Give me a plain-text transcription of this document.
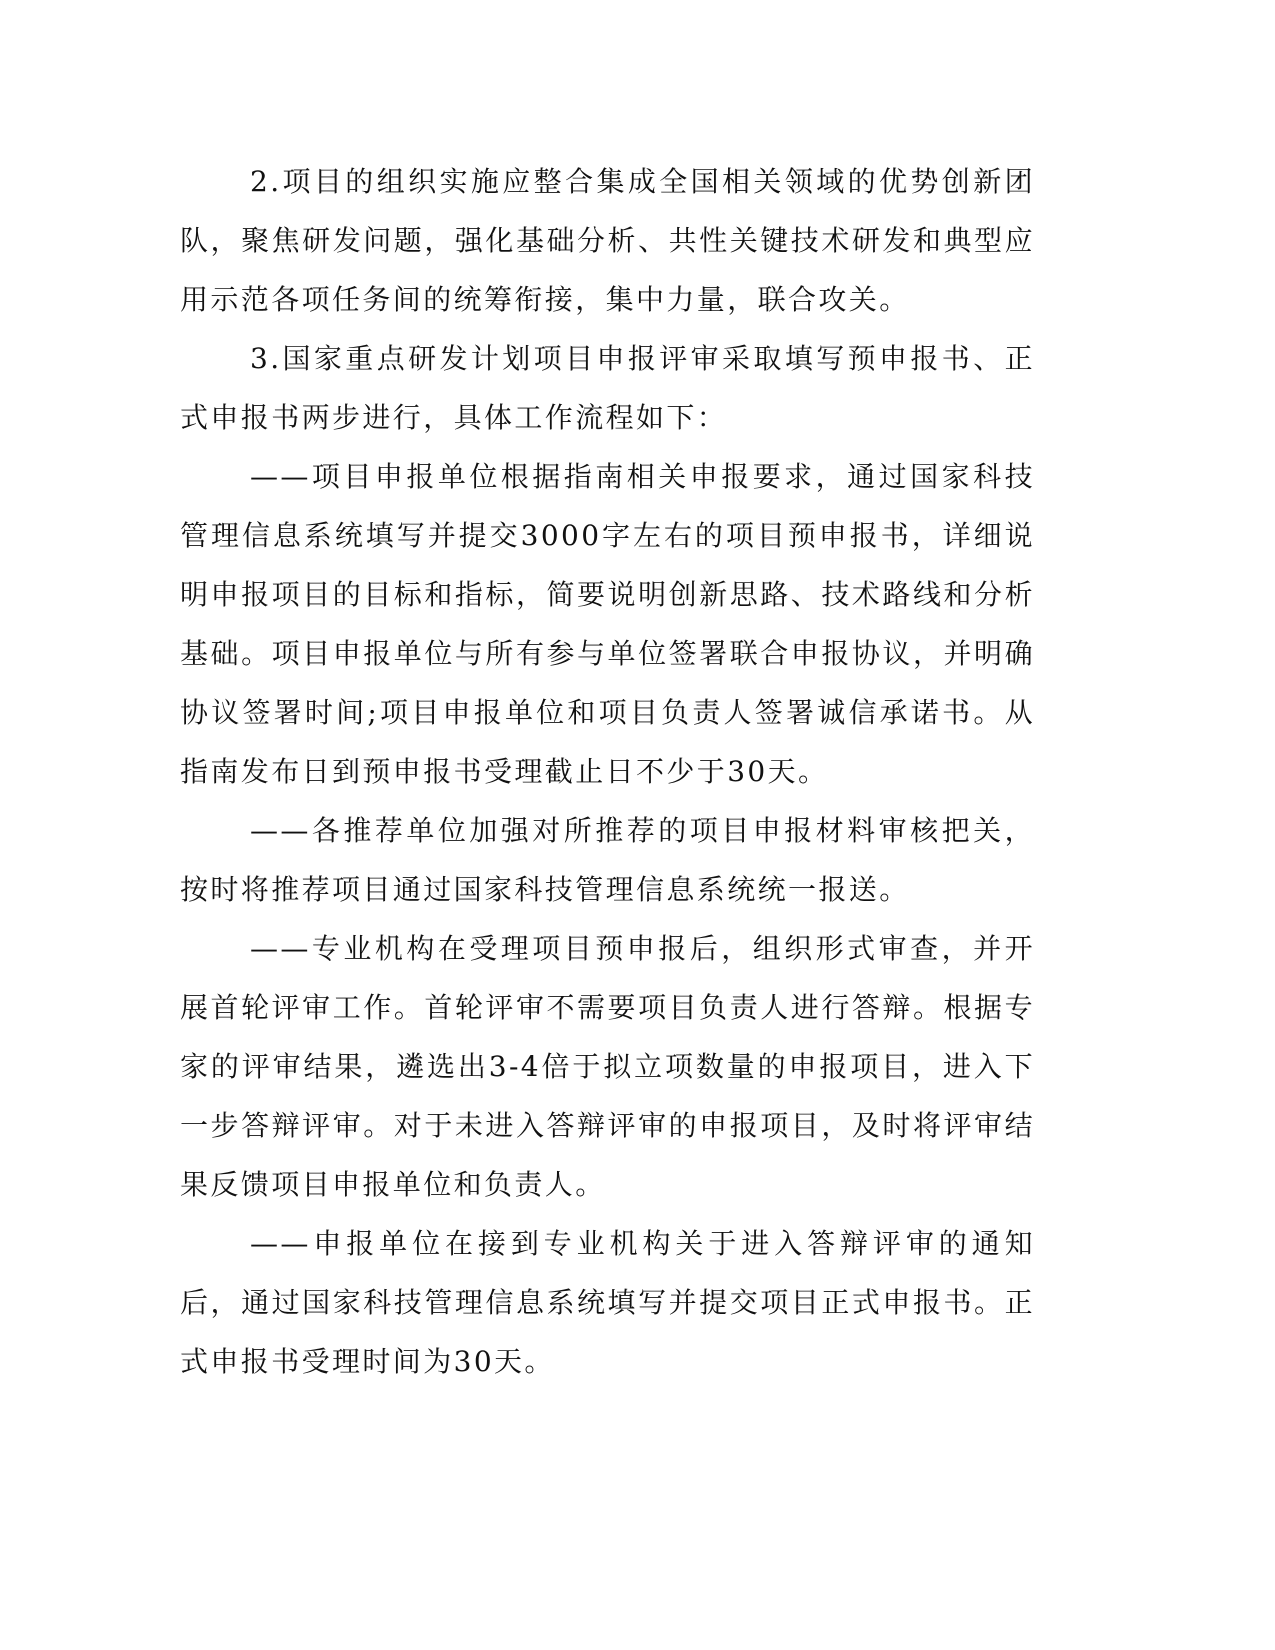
2.项目的组织实施应整合集成全国相关领域的优势创新团队，聚焦研发问题，强化基础分析、共性关键技术研发和典型应用示范各项任务间的统筹衔接，集中力量，联合攻关。

3.国家重点研发计划项目申报评审采取填写预申报书、正式申报书两步进行，具体工作流程如下：

——项目申报单位根据指南相关申报要求，通过国家科技管理信息系统填写并提交3000字左右的项目预申报书，详细说明申报项目的目标和指标，简要说明创新思路、技术路线和分析基础。项目申报单位与所有参与单位签署联合申报协议，并明确协议签署时间;项目申报单位和项目负责人签署诚信承诺书。从指南发布日到预申报书受理截止日不少于30天。

——各推荐单位加强对所推荐的项目申报材料审核把关，按时将推荐项目通过国家科技管理信息系统统一报送。

——专业机构在受理项目预申报后，组织形式审查，并开展首轮评审工作。首轮评审不需要项目负责人进行答辩。根据专家的评审结果，遴选出3-4倍于拟立项数量的申报项目，进入下一步答辩评审。对于未进入答辩评审的申报项目，及时将评审结果反馈项目申报单位和负责人。

——申报单位在接到专业机构关于进入答辩评审的通知后，通过国家科技管理信息系统填写并提交项目正式申报书。正式申报书受理时间为30天。
